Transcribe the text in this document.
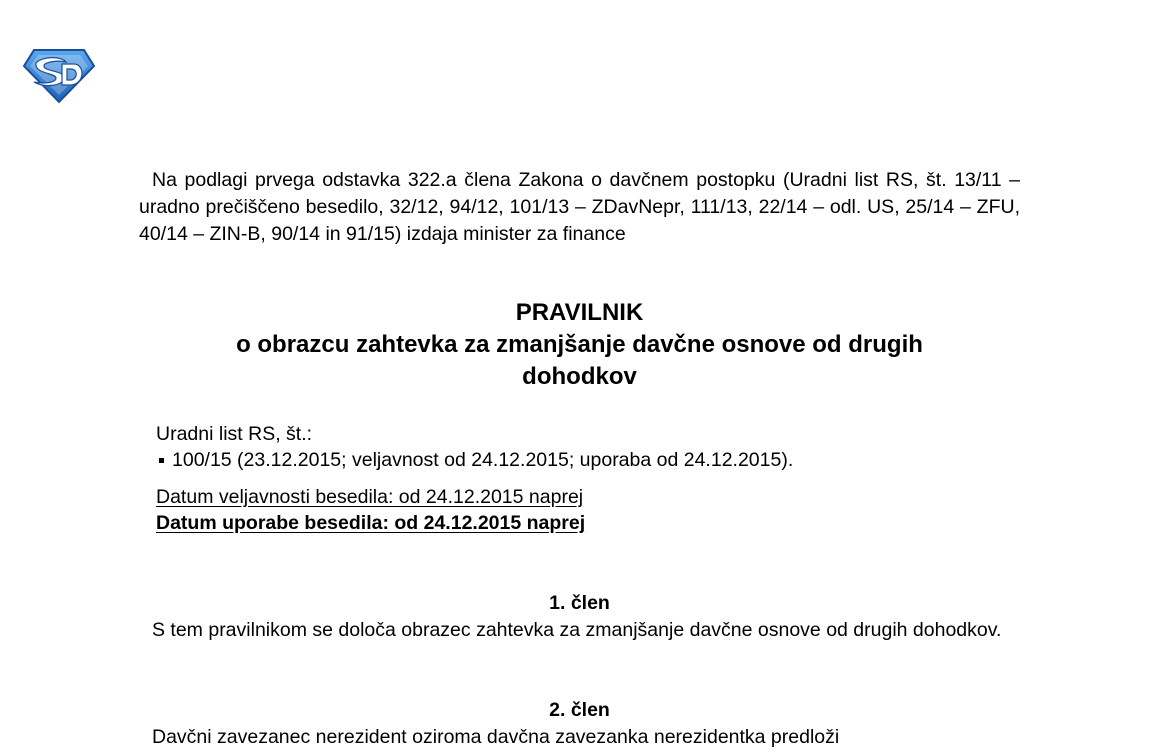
Na podlagi prvega odstavka 322.a člena Zakona o davčnem postopku (Uradni list RS, št. 13/11 – uradno prečiščeno besedilo, 32/12, 94/12, 101/13 – ZDavNepr, 111/13, 22/14 – odl. US, 25/14 – ZFU, 40/14 – ZIN-B, 90/14 in 91/15) izdaja minister za finance

PRAVILNIK
o obrazcu zahtevka za zmanjšanje davčne osnove od drugih
dohodkov
Uradni list RS, št.:
100/15 (23.12.2015; veljavnost od 24.12.2015; uporaba od 24.12.2015).
Datum veljavnosti besedila: od 24.12.2015 naprej
Datum uporabe besedila: od 24.12.2015 naprej
1. člen

S tem pravilnikom se določa obrazec zahtevka za zmanjšanje davčne osnove od drugih dohodkov.

2. člen

Davčni zavezanec nerezident oziroma davčna zavezanka nerezidentka predloži
